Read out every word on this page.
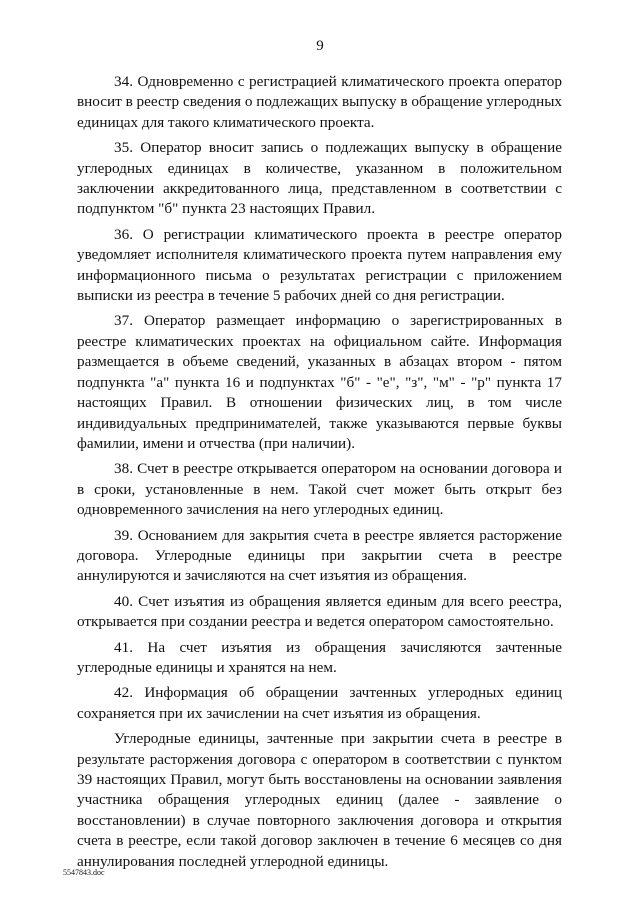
9

34. Одновременно с регистрацией климатического проекта оператор вносит в реестр сведения о подлежащих выпуску в обращение углеродных единицах для такого климатического проекта.

35. Оператор вносит запись о подлежащих выпуску в обращение углеродных единицах в количестве, указанном в положительном заключении аккредитованного лица, представленном в соответствии с подпунктом "б" пункта 23 настоящих Правил.

36. О регистрации климатического проекта в реестре оператор уведомляет исполнителя климатического проекта путем направления ему информационного письма о результатах регистрации с приложением выписки из реестра в течение 5 рабочих дней со дня регистрации.

37. Оператор размещает информацию о зарегистрированных в реестре климатических проектах на официальном сайте. Информация размещается в объеме сведений, указанных в абзацах втором - пятом подпункта "а" пункта 16 и подпунктах "б" - "е", "з", "м" - "р" пункта 17 настоящих Правил. В отношении физических лиц, в том числе индивидуальных предпринимателей, также указываются первые буквы фамилии, имени и отчества (при наличии).

38. Счет в реестре открывается оператором на основании договора и в сроки, установленные в нем. Такой счет может быть открыт без одновременного зачисления на него углеродных единиц.

39. Основанием для закрытия счета в реестре является расторжение договора. Углеродные единицы при закрытии счета в реестре аннулируются и зачисляются на счет изъятия из обращения.

40. Счет изъятия из обращения является единым для всего реестра, открывается при создании реестра и ведется оператором самостоятельно.

41. На счет изъятия из обращения зачисляются зачтенные углеродные единицы и хранятся на нем.

42. Информация об обращении зачтенных углеродных единиц сохраняется при их зачислении на счет изъятия из обращения.

Углеродные единицы, зачтенные при закрытии счета в реестре в результате расторжения договора с оператором в соответствии с пунктом 39 настоящих Правил, могут быть восстановлены на основании заявления участника обращения углеродных единиц (далее - заявление о восстановлении) в случае повторного заключения договора и открытия счета в реестре, если такой договор заключен в течение 6 месяцев со дня аннулирования последней углеродной единицы.

5547843.doc
